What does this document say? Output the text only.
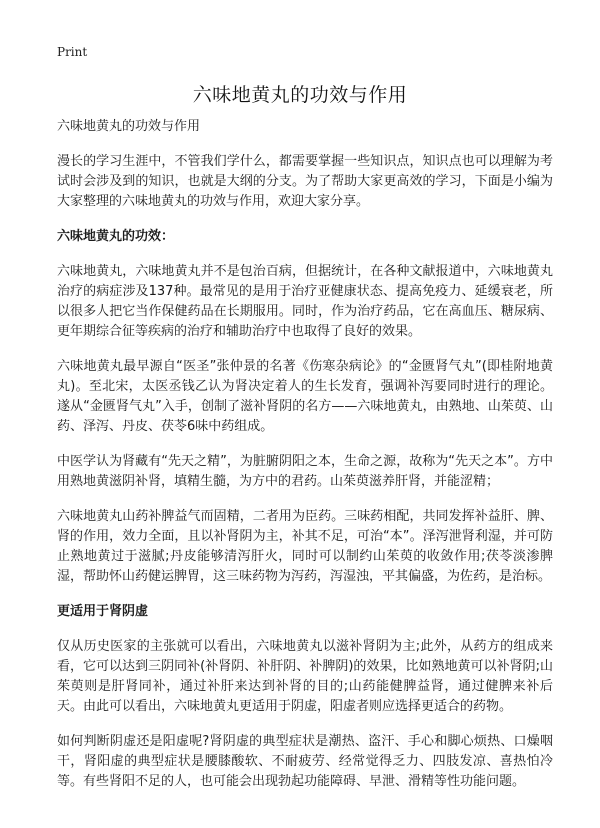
Print
六味地黄丸的功效与作用
六味地黄丸的功效与作用

漫长的学习生涯中，不管我们学什么，都需要掌握一些知识点，知识点也可以理解为考试时会涉及到的知识，也就是大纲的分支。为了帮助大家更高效的学习，下面是小编为大家整理的六味地黄丸的功效与作用，欢迎大家分享。

六味地黄丸的功效：

六味地黄丸，六味地黄丸并不是包治百病，但据统计，在各种文献报道中，六味地黄丸治疗的病症涉及137种。最常见的是用于治疗亚健康状态、提高免疫力、延缓衰老，所以很多人把它当作保健药品在长期服用。同时，作为治疗药品，它在高血压、糖尿病、更年期综合征等疾病的治疗和辅助治疗中也取得了良好的效果。

六味地黄丸最早源自“医圣”张仲景的名著《伤寒杂病论》的“金匮肾气丸”(即桂附地黄丸)。至北宋，太医丞钱乙认为肾决定着人的生长发育，强调补泻要同时进行的理论。遂从“金匮肾气丸”入手，创制了滋补肾阴的名方——六味地黄丸，由熟地、山茱萸、山药、泽泻、丹皮、茯苓6味中药组成。

中医学认为肾藏有“先天之精”，为脏腑阴阳之本，生命之源，故称为“先天之本”。方中用熟地黄滋阴补肾，填精生髓，为方中的君药。山茱萸滋养肝肾，并能涩精；

六味地黄丸山药补脾益气而固精，二者用为臣药。三味药相配，共同发挥补益肝、脾、肾的作用，效力全面，且以补肾阴为主，补其不足，可治“本”。泽泻泄肾利湿，并可防止熟地黄过于滋腻;丹皮能够清泻肝火，同时可以制约山茱萸的收敛作用;茯苓淡渗脾湿，帮助怀山药健运脾胃，这三味药物为泻药，泻湿浊，平其偏盛，为佐药，是治标。

更适用于肾阴虚

仅从历史医家的主张就可以看出，六味地黄丸以滋补肾阴为主;此外，从药方的组成来看，它可以达到三阴同补(补肾阴、补肝阴、补脾阴)的效果，比如熟地黄可以补肾阴;山茱萸则是肝肾同补，通过补肝来达到补肾的目的;山药能健脾益肾，通过健脾来补后天。由此可以看出，六味地黄丸更适用于阴虚，阳虚者则应选择更适合的药物。

如何判断阴虚还是阳虚呢?肾阴虚的典型症状是潮热、盗汗、手心和脚心烦热、口燥咽干，肾阳虚的典型症状是腰膝酸软、不耐疲劳、经常觉得乏力、四肢发凉、喜热怕冷等。有些肾阳不足的人，也可能会出现勃起功能障碍、早泄、滑精等性功能问题。
